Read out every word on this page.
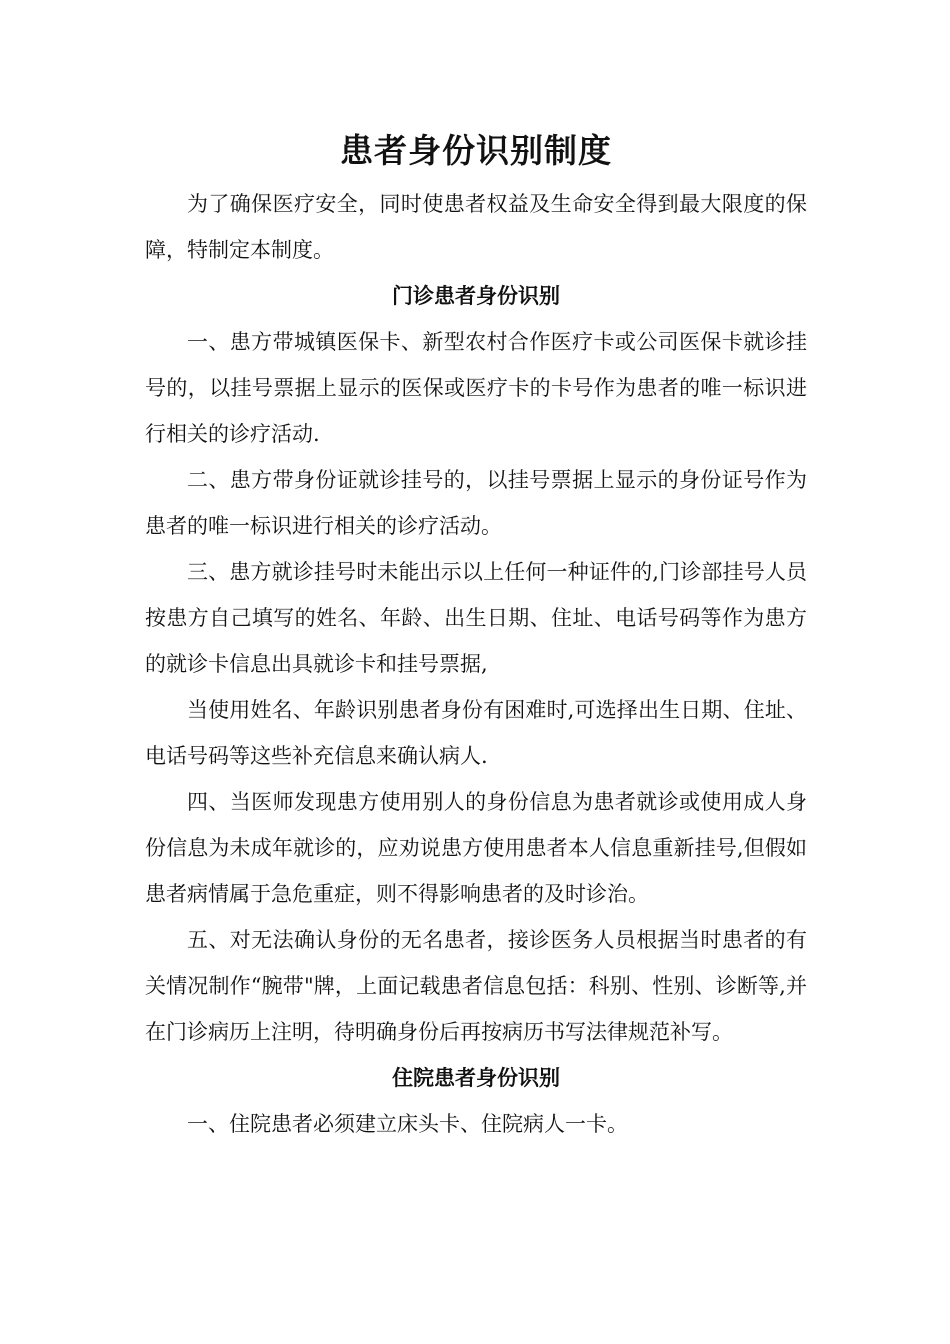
患者身份识别制度

为了确保医疗安全，同时使患者权益及生命安全得到最大限度的保障，特制定本制度。

门诊患者身份识别

一、患方带城镇医保卡、新型农村合作医疗卡或公司医保卡就诊挂号的，以挂号票据上显示的医保或医疗卡的卡号作为患者的唯一标识进行相关的诊疗活动.

二、患方带身份证就诊挂号的，以挂号票据上显示的身份证号作为患者的唯一标识进行相关的诊疗活动。

三、患方就诊挂号时未能出示以上任何一种证件的,门诊部挂号人员按患方自己填写的姓名、年龄、出生日期、住址、电话号码等作为患方的就诊卡信息出具就诊卡和挂号票据,

当使用姓名、年龄识别患者身份有困难时,可选择出生日期、住址、电话号码等这些补充信息来确认病人.

四、当医师发现患方使用别人的身份信息为患者就诊或使用成人身份信息为未成年就诊的，应劝说患方使用患者本人信息重新挂号,但假如患者病情属于急危重症，则不得影响患者的及时诊治。

五、对无法确认身份的无名患者，接诊医务人员根据当时患者的有关情况制作“腕带"牌，上面记载患者信息包括：科别、性别、诊断等,并在门诊病历上注明，待明确身份后再按病历书写法律规范补写。

住院患者身份识别

一、住院患者必须建立床头卡、住院病人一卡。
